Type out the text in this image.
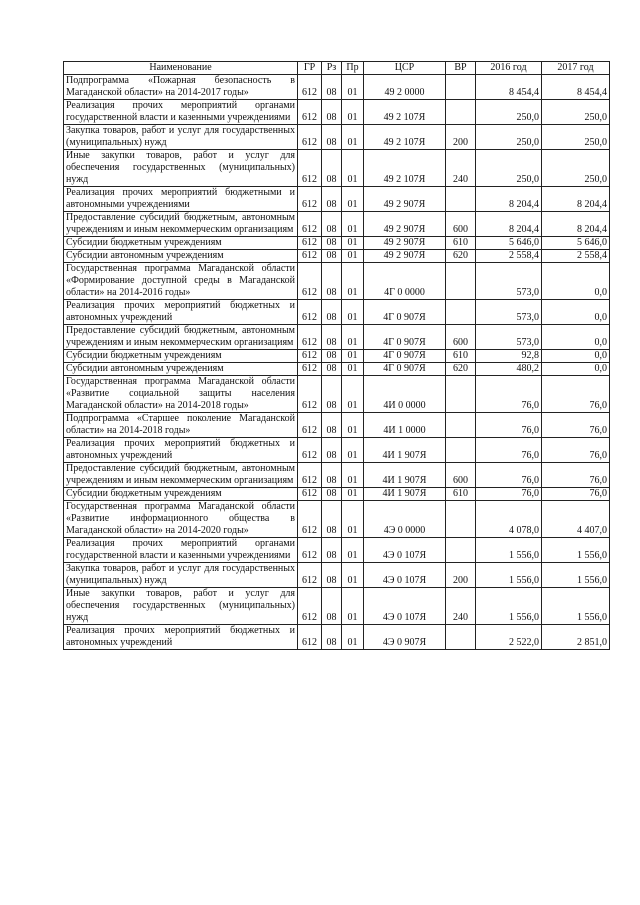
Наименование	ГР	Рз	Пр	ЦСР	ВР	2016 год	2017 год
Подпрограмма «Пожарная безопасность в Магаданской области» на 2014-2017 годы»	612	08	01	49 2 0000		8 454,4	8 454,4
Реализация прочих мероприятий органами государственной власти и казенными учреждениями	612	08	01	49 2 107Я		250,0	250,0
Закупка товаров, работ и услуг для государственных (муниципальных) нужд	612	08	01	49 2 107Я	200	250,0	250,0
Иные закупки товаров, работ и услуг для обеспечения государственных (муниципальных) нужд	612	08	01	49 2 107Я	240	250,0	250,0
Реализация прочих мероприятий бюджетными и автономными учреждениями	612	08	01	49 2 907Я		8 204,4	8 204,4
Предоставление субсидий бюджетным, автономным учреждениям и иным некоммерческим организациям	612	08	01	49 2 907Я	600	8 204,4	8 204,4
Субсидии бюджетным учреждениям	612	08	01	49 2 907Я	610	5 646,0	5 646,0
Субсидии автономным учреждениям	612	08	01	49 2 907Я	620	2 558,4	2 558,4
Государственная программа Магаданской области «Формирование доступной среды в Магаданской области» на 2014-2016 годы»	612	08	01	4Г 0 0000		573,0	0,0
Реализация прочих мероприятий бюджетных и автономных учреждений	612	08	01	4Г 0 907Я		573,0	0,0
Предоставление субсидий бюджетным, автономным учреждениям и иным некоммерческим организациям	612	08	01	4Г 0 907Я	600	573,0	0,0
Субсидии бюджетным учреждениям	612	08	01	4Г 0 907Я	610	92,8	0,0
Субсидии автономным учреждениям	612	08	01	4Г 0 907Я	620	480,2	0,0
Государственная программа Магаданской области «Развитие социальной защиты населения Магаданской области» на 2014-2018 годы»	612	08	01	4И 0 0000		76,0	76,0
Подпрограмма «Старшее поколение Магаданской области» на 2014-2018 годы»	612	08	01	4И 1 0000		76,0	76,0
Реализация прочих мероприятий бюджетных и автономных учреждений	612	08	01	4И 1 907Я		76,0	76,0
Предоставление субсидий бюджетным, автономным учреждениям и иным некоммерческим организациям	612	08	01	4И 1 907Я	600	76,0	76,0
Субсидии бюджетным учреждениям	612	08	01	4И 1 907Я	610	76,0	76,0
Государственная программа Магаданской области «Развитие информационного общества в Магаданской области» на 2014-2020 годы»	612	08	01	4Э 0 0000		4 078,0	4 407,0
Реализация прочих мероприятий органами государственной власти и казенными учреждениями	612	08	01	4Э 0 107Я		1 556,0	1 556,0
Закупка товаров, работ и услуг для государственных (муниципальных) нужд	612	08	01	4Э 0 107Я	200	1 556,0	1 556,0
Иные закупки товаров, работ и услуг для обеспечения государственных (муниципальных) нужд	612	08	01	4Э 0 107Я	240	1 556,0	1 556,0
Реализация прочих мероприятий бюджетных и автономных учреждений	612	08	01	4Э 0 907Я		2 522,0	2 851,0
